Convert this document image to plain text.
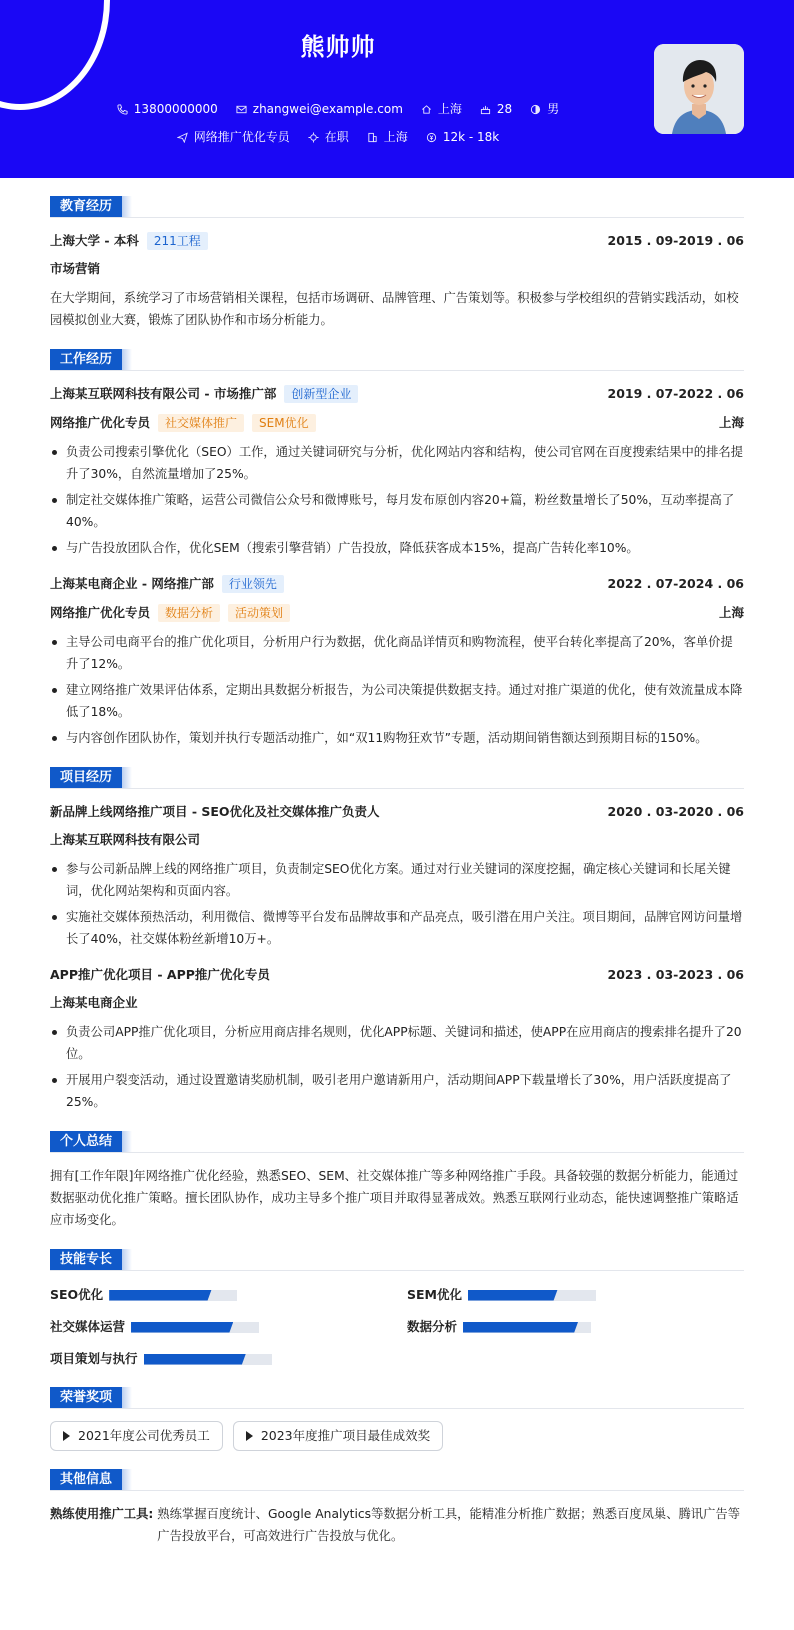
熊帅帅
13800000000	zhangwei@example.com	上海	28	男
网络推广优化专员	在职	上海	12k - 18k
教育经历
上海大学 - 本科	211工程	2015 . 09-2019 . 06
市场营销
在大学期间，系统学习了市场营销相关课程，包括市场调研、品牌管理、广告策划等。积极参与学校组织的营销实践活动，如校园模拟创业大赛，锻炼了团队协作和市场分析能力。
工作经历
上海某互联网科技有限公司 - 市场推广部	创新型企业	2019 . 07-2022 . 06
网络推广优化专员	社交媒体推广	SEM优化	上海
负责公司搜索引擎优化（SEO）工作，通过关键词研究与分析，优化网站内容和结构，使公司官网在百度搜索结果中的排名提升了30%，自然流量增加了25%。
制定社交媒体推广策略，运营公司微信公众号和微博账号，每月发布原创内容20+篇，粉丝数量增长了50%，互动率提高了40%。
与广告投放团队合作，优化SEM（搜索引擎营销）广告投放，降低获客成本15%，提高广告转化率10%。
上海某电商企业 - 网络推广部	行业领先	2022 . 07-2024 . 06
网络推广优化专员	数据分析	活动策划	上海
主导公司电商平台的推广优化项目，分析用户行为数据，优化商品详情页和购物流程，使平台转化率提高了20%，客单价提升了12%。
建立网络推广效果评估体系，定期出具数据分析报告，为公司决策提供数据支持。通过对推广渠道的优化，使有效流量成本降低了18%。
与内容创作团队协作，策划并执行专题活动推广，如“双11购物狂欢节”专题，活动期间销售额达到预期目标的150%。
项目经历
新品牌上线网络推广项目 - SEO优化及社交媒体推广负责人	2020 . 03-2020 . 06
上海某互联网科技有限公司
参与公司新品牌上线的网络推广项目，负责制定SEO优化方案。通过对行业关键词的深度挖掘，确定核心关键词和长尾关键词，优化网站架构和页面内容。
实施社交媒体预热活动，利用微信、微博等平台发布品牌故事和产品亮点，吸引潜在用户关注。项目期间，品牌官网访问量增长了40%，社交媒体粉丝新增10万+。
APP推广优化项目 - APP推广优化专员	2023 . 03-2023 . 06
上海某电商企业
负责公司APP推广优化项目，分析应用商店排名规则，优化APP标题、关键词和描述，使APP在应用商店的搜索排名提升了20位。
开展用户裂变活动，通过设置邀请奖励机制，吸引老用户邀请新用户，活动期间APP下载量增长了30%，用户活跃度提高了25%。
个人总结
拥有[工作年限]年网络推广优化经验，熟悉SEO、SEM、社交媒体推广等多种网络推广手段。具备较强的数据分析能力，能通过数据驱动优化推广策略。擅长团队协作，成功主导多个推广项目并取得显著成效。熟悉互联网行业动态，能快速调整推广策略适应市场变化。
技能专长
SEO优化	SEM优化
社交媒体运营	数据分析
项目策划与执行
荣誉奖项
2021年度公司优秀员工	2023年度推广项目最佳成效奖
其他信息
熟练使用推广工具: 熟练掌握百度统计、Google Analytics等数据分析工具，能精准分析推广数据；熟悉百度凤巢、腾讯广告等广告投放平台，可高效进行广告投放与优化。
